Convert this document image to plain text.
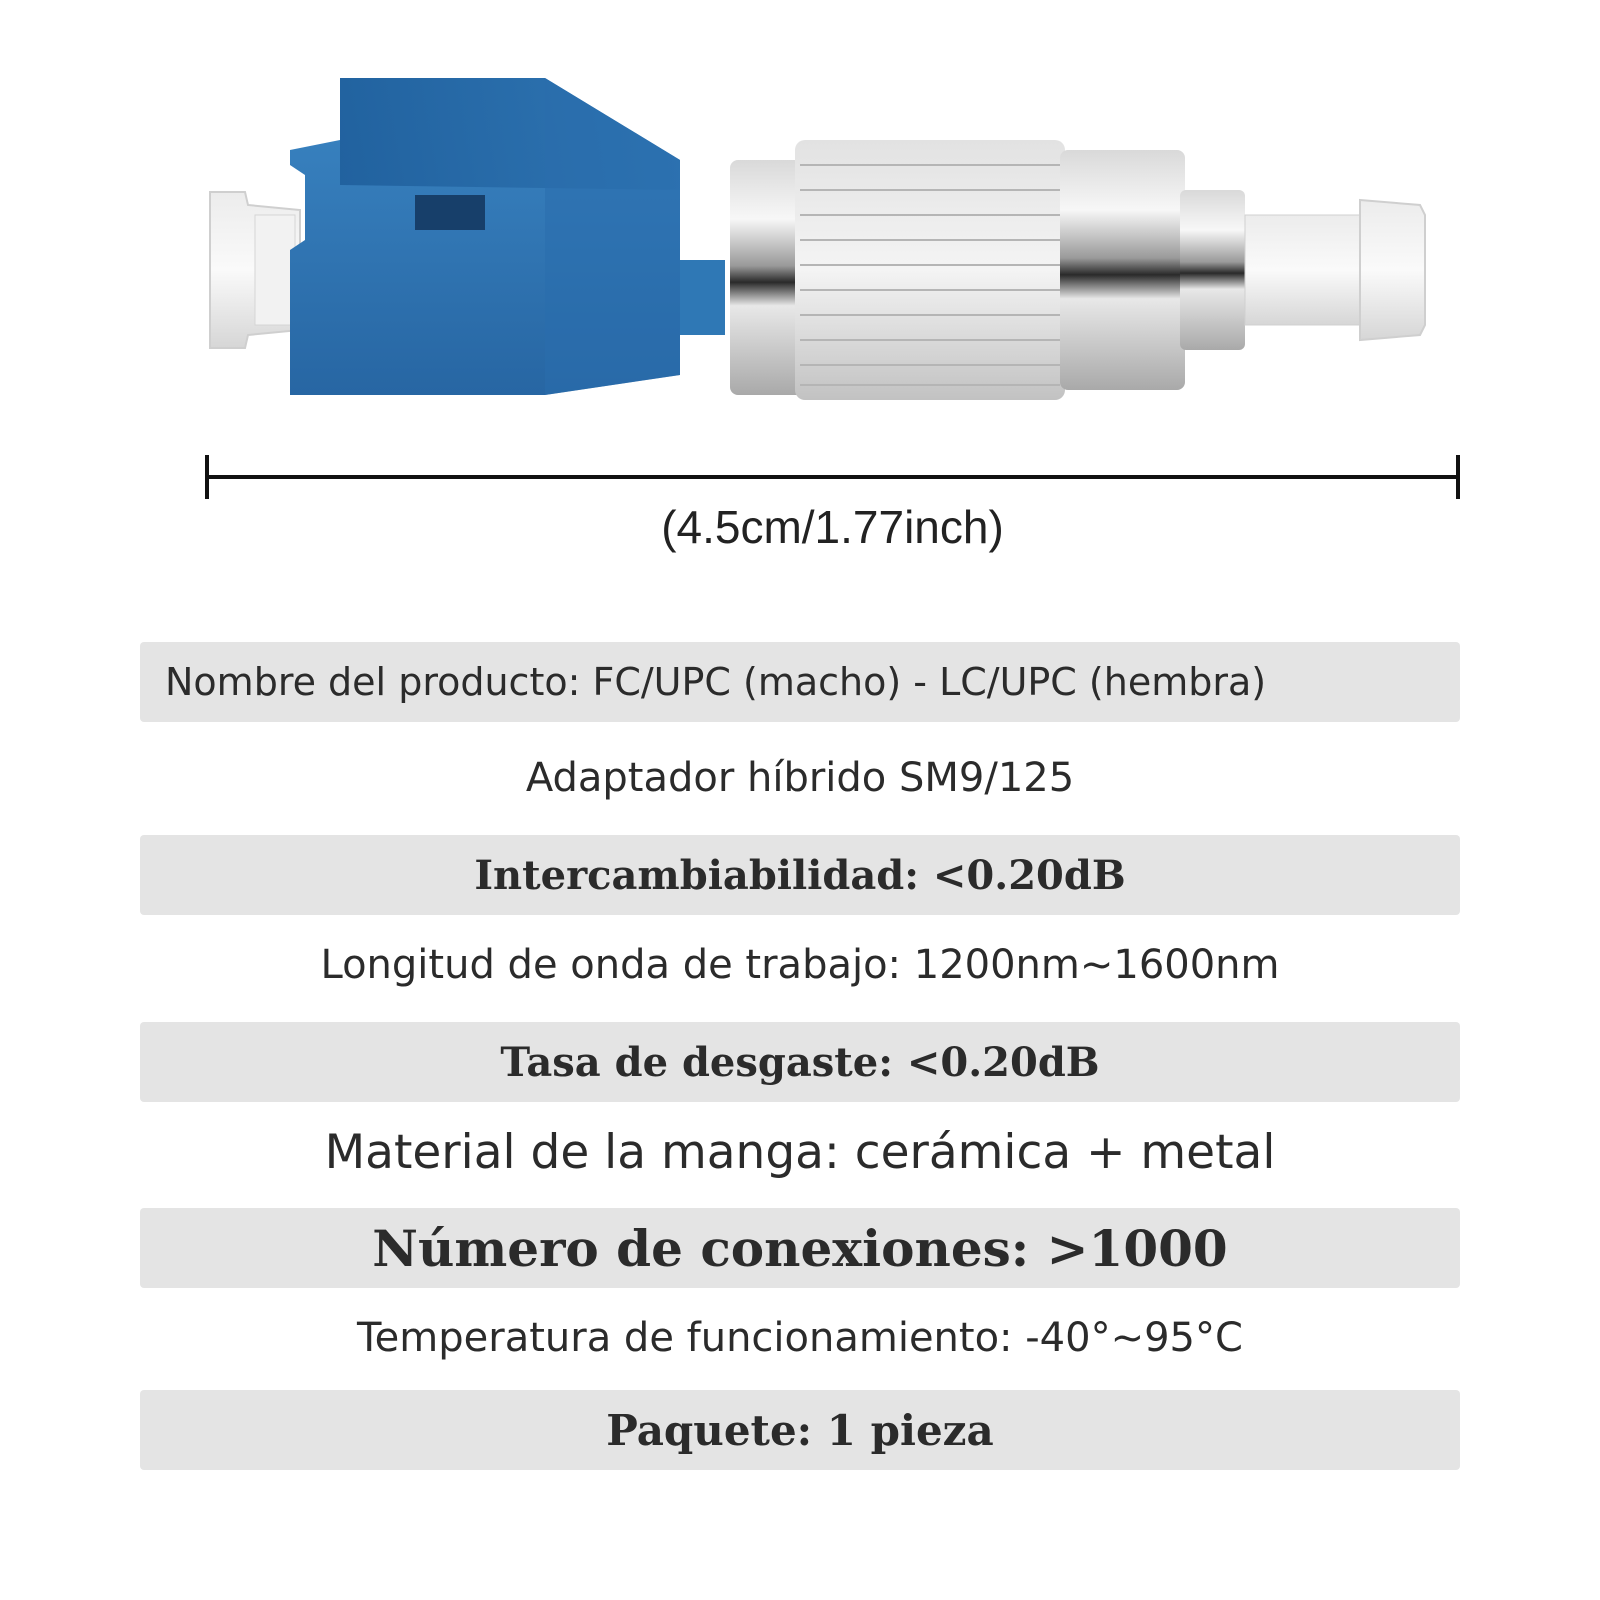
(4.5cm/1.77inch)
Nombre del producto: FC/UPC (macho) - LC/UPC (hembra)
Adaptador híbrido SM9/125
Intercambiabilidad: <0.20dB
Longitud de onda de trabajo: 1200nm~1600nm
Tasa de desgaste: <0.20dB
Material de la manga: cerámica + metal
Número de conexiones: >1000
Temperatura de funcionamiento: -40°~95°C
Paquete: 1 pieza
